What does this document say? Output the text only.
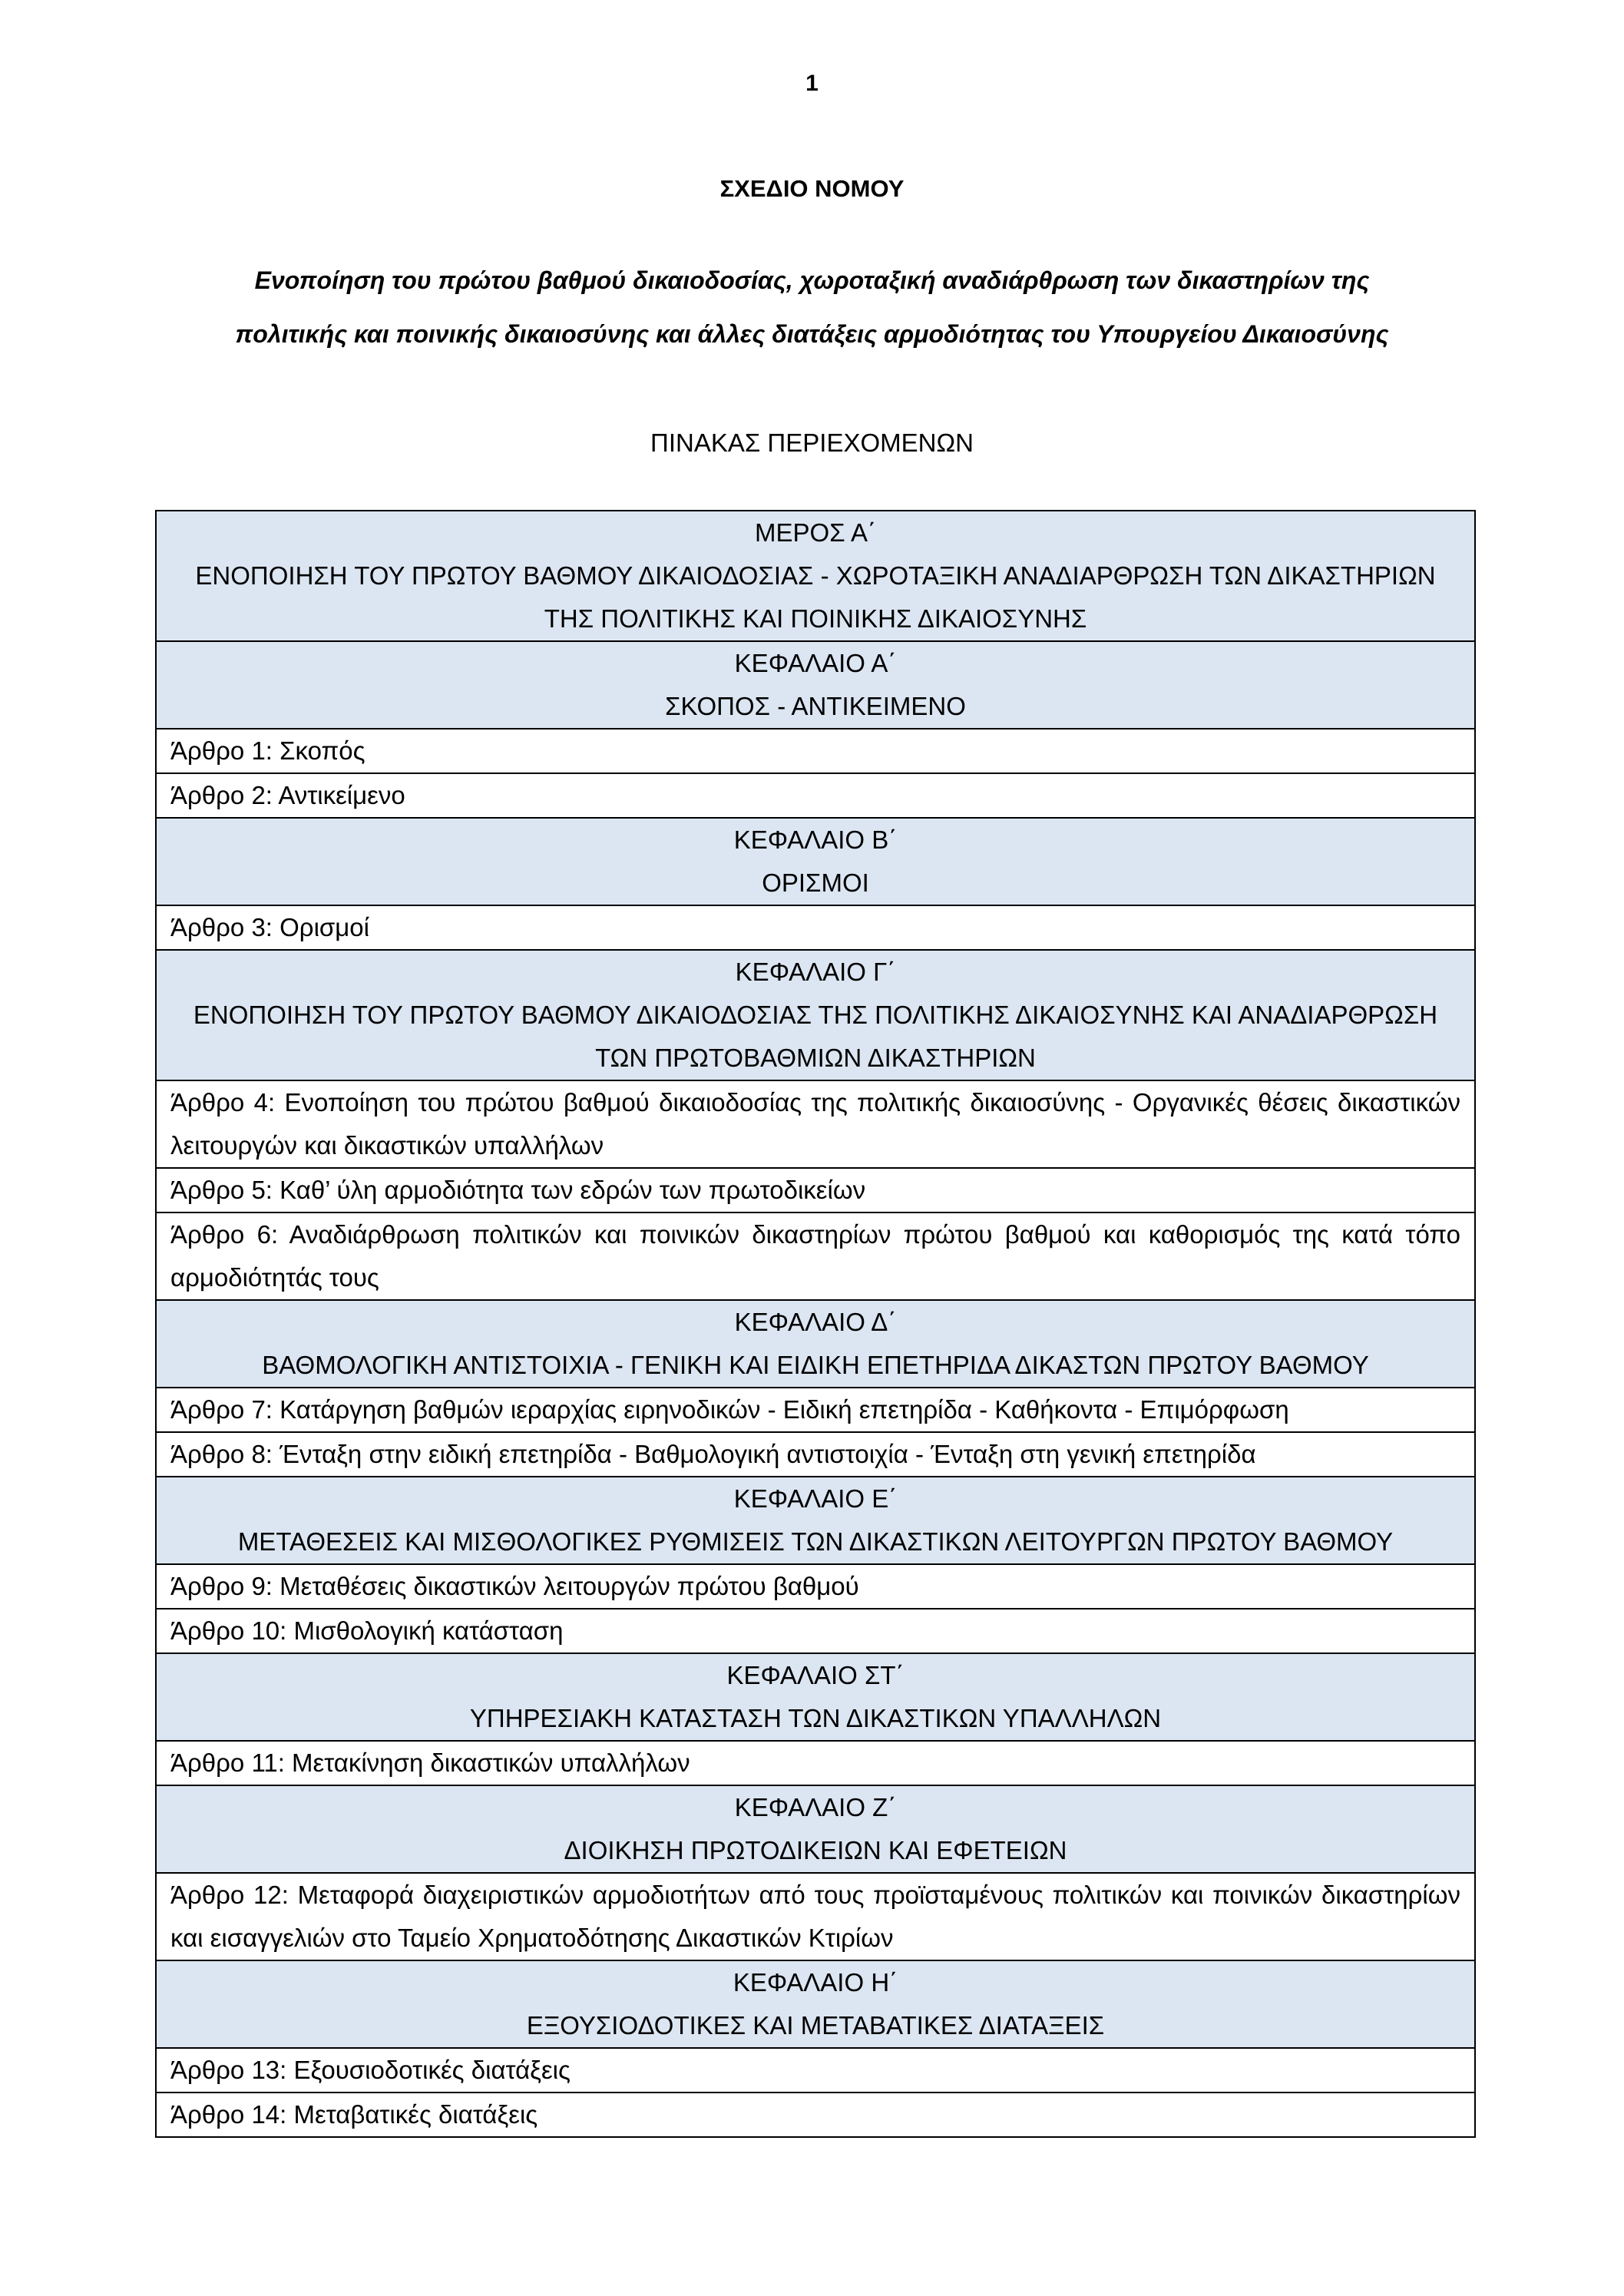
1
ΣΧΕΔΙΟ ΝΟΜΟΥ
Ενοποίηση του πρώτου βαθμού δικαιοδοσίας, χωροταξική αναδιάρθρωση των δικαστηρίων της
πολιτικής και ποινικής δικαιοσύνης και άλλες διατάξεις αρμοδιότητας του Υπουργείου Δικαιοσύνης
ΠΙΝΑΚΑΣ ΠΕΡΙΕΧΟΜΕΝΩΝ
ΜΕΡΟΣ Α΄
ΕΝΟΠΟΙΗΣΗ ΤΟΥ ΠΡΩΤΟΥ ΒΑΘΜΟΥ ΔΙΚΑΙΟΔΟΣΙΑΣ - ΧΩΡΟΤΑΞΙΚΗ ΑΝΑΔΙΑΡΘΡΩΣΗ ΤΩΝ ΔΙΚΑΣΤΗΡΙΩΝ
ΤΗΣ ΠΟΛΙΤΙΚΗΣ ΚΑΙ ΠΟΙΝΙΚΗΣ ΔΙΚΑΙΟΣΥΝΗΣ

ΚΕΦΑΛΑΙΟ Α΄
ΣΚΟΠΟΣ - ΑΝΤΙΚΕΙΜΕΝΟ

Άρθρο 1: Σκοπός
Άρθρο 2: Αντικείμενο

ΚΕΦΑΛΑΙΟ Β΄
ΟΡΙΣΜΟΙ

Άρθρο 3: Ορισμοί

ΚΕΦΑΛΑΙΟ Γ΄
ΕΝΟΠΟΙΗΣΗ ΤΟΥ ΠΡΩΤΟΥ ΒΑΘΜΟΥ ΔΙΚΑΙΟΔΟΣΙΑΣ ΤΗΣ ΠΟΛΙΤΙΚΗΣ ΔΙΚΑΙΟΣΥΝΗΣ ΚΑΙ ΑΝΑΔΙΑΡΘΡΩΣΗ
ΤΩΝ ΠΡΩΤΟΒΑΘΜΙΩΝ ΔΙΚΑΣΤΗΡΙΩΝ

Άρθρο 4: Ενοποίηση του πρώτου βαθμού δικαιοδοσίας της πολιτικής δικαιοσύνης - Οργανικές θέσεις δικαστικών λειτουργών και δικαστικών υπαλλήλων
Άρθρο 5: Καθ’ ύλη αρμοδιότητα των εδρών των πρωτοδικείων
Άρθρο 6: Αναδιάρθρωση πολιτικών και ποινικών δικαστηρίων πρώτου βαθμού και καθορισμός της κατά τόπο αρμοδιότητάς τους

ΚΕΦΑΛΑΙΟ Δ΄
ΒΑΘΜΟΛΟΓΙΚΗ ΑΝΤΙΣΤΟΙΧΙΑ - ΓΕΝΙΚΗ ΚΑΙ ΕΙΔΙΚΗ ΕΠΕΤΗΡΙΔΑ ΔΙΚΑΣΤΩΝ ΠΡΩΤΟΥ ΒΑΘΜΟΥ

Άρθρο 7: Κατάργηση βαθμών ιεραρχίας ειρηνοδικών - Ειδική επετηρίδα - Καθήκοντα - Επιμόρφωση
Άρθρο 8: Ένταξη στην ειδική επετηρίδα - Βαθμολογική αντιστοιχία - Ένταξη στη γενική επετηρίδα

ΚΕΦΑΛΑΙΟ Ε΄
ΜΕΤΑΘΕΣΕΙΣ ΚΑΙ ΜΙΣΘΟΛΟΓΙΚΕΣ ΡΥΘΜΙΣΕΙΣ ΤΩΝ ΔΙΚΑΣΤΙΚΩΝ ΛΕΙΤΟΥΡΓΩΝ ΠΡΩΤΟΥ ΒΑΘΜΟΥ

Άρθρο 9: Μεταθέσεις δικαστικών λειτουργών πρώτου βαθμού
Άρθρο 10: Μισθολογική κατάσταση

ΚΕΦΑΛΑΙΟ ΣΤ΄
ΥΠΗΡΕΣΙΑΚΗ ΚΑΤΑΣΤΑΣΗ ΤΩΝ ΔΙΚΑΣΤΙΚΩΝ ΥΠΑΛΛΗΛΩΝ

Άρθρο 11: Μετακίνηση δικαστικών υπαλλήλων

ΚΕΦΑΛΑΙΟ Ζ΄
ΔΙΟΙΚΗΣΗ ΠΡΩΤΟΔΙΚΕΙΩΝ ΚΑΙ ΕΦΕΤΕΙΩΝ

Άρθρο 12: Μεταφορά διαχειριστικών αρμοδιοτήτων από τους προϊσταμένους πολιτικών και ποινικών δικαστηρίων και εισαγγελιών στο Ταμείο Χρηματοδότησης Δικαστικών Κτιρίων

ΚΕΦΑΛΑΙΟ Η΄
ΕΞΟΥΣΙΟΔΟΤΙΚΕΣ ΚΑΙ ΜΕΤΑΒΑΤΙΚΕΣ ΔΙΑΤΑΞΕΙΣ

Άρθρο 13: Εξουσιοδοτικές διατάξεις
Άρθρο 14: Μεταβατικές διατάξεις
